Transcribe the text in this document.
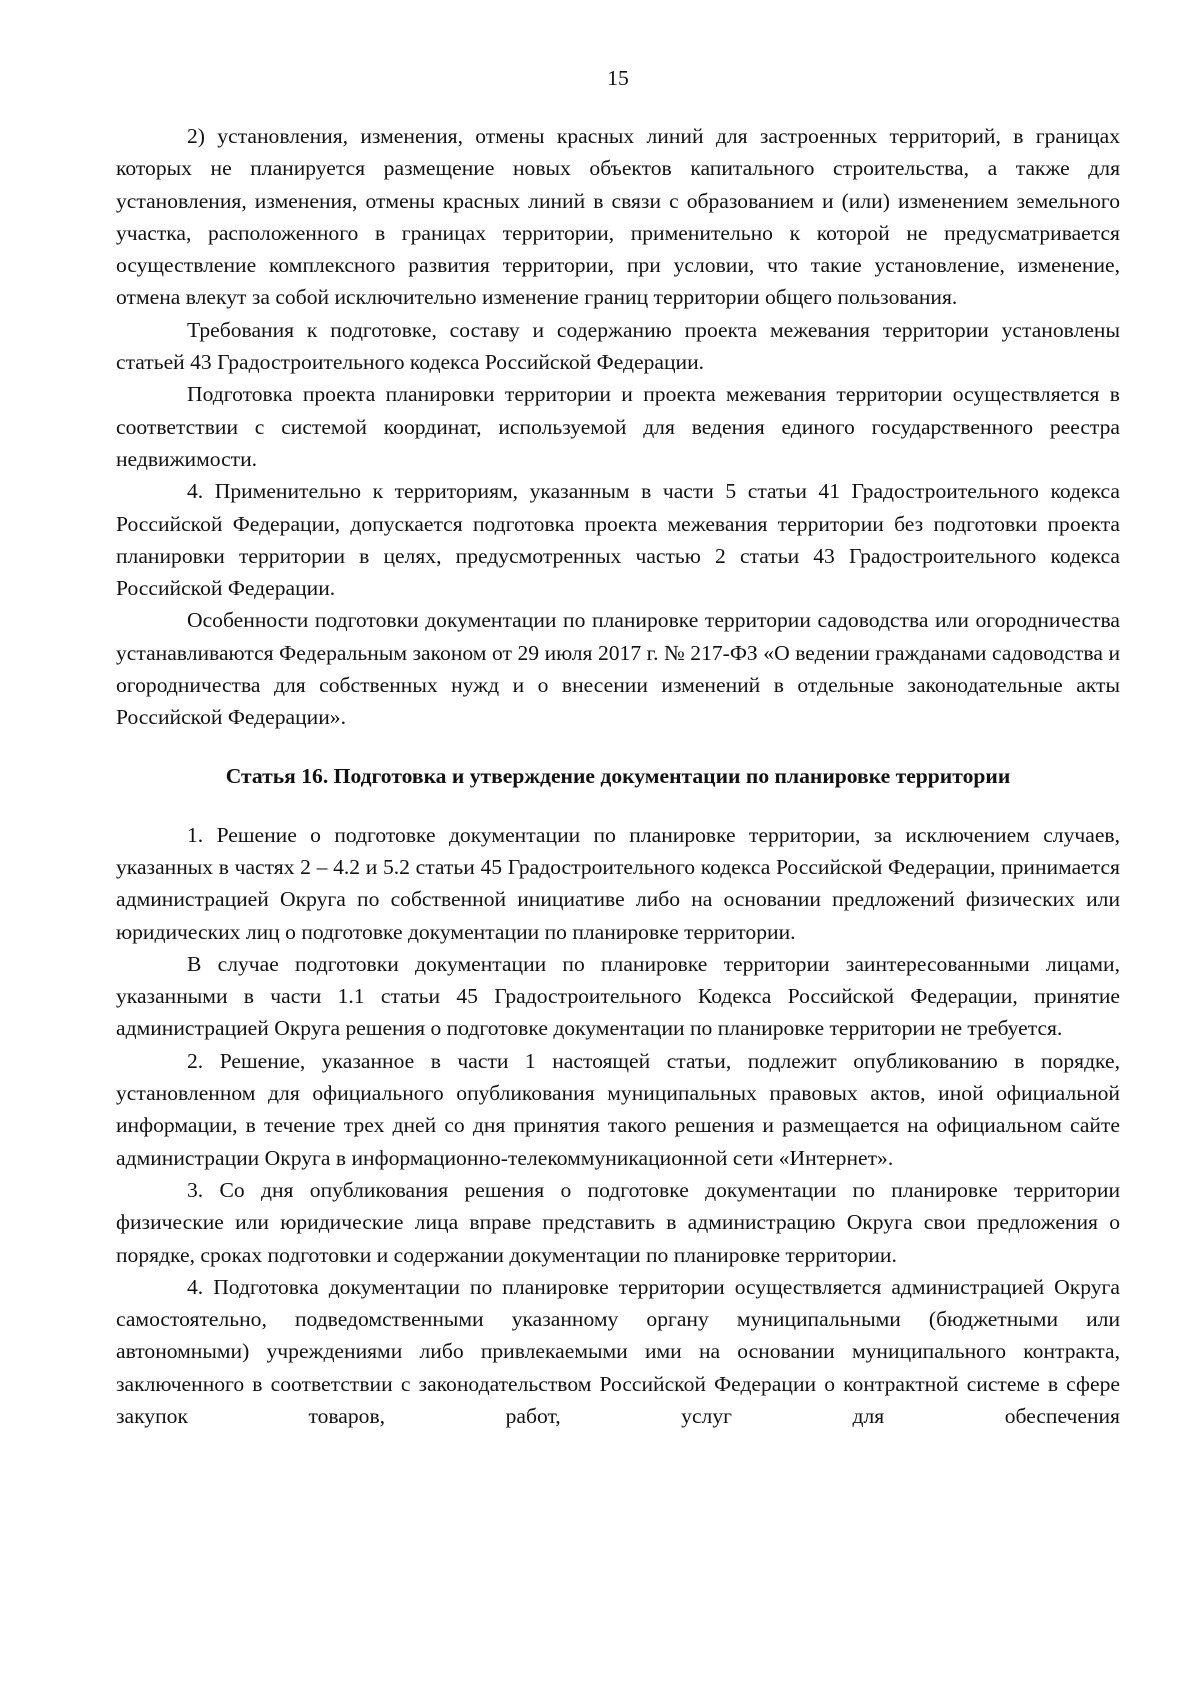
15

2) установления, изменения, отмены красных линий для застроенных территорий, в границах которых не планируется размещение новых объектов капитального строительства, а также для установления, изменения, отмены красных линий в связи с образованием и (или) изменением земельного участка, расположенного в границах территории, применительно к которой не предусматривается осуществление комплексного развития территории, при условии, что такие установление, изменение, отмена влекут за собой исключительно изменение границ территории общего пользования.

Требования к подготовке, составу и содержанию проекта межевания территории установлены статьей 43 Градостроительного кодекса Российской Федерации.

Подготовка проекта планировки территории и проекта межевания территории осуществляется в соответствии с системой координат, используемой для ведения единого государственного реестра недвижимости.

4. Применительно к территориям, указанным в части 5 статьи 41 Градостроительного кодекса Российской Федерации, допускается подготовка проекта межевания территории без подготовки проекта планировки территории в целях, предусмотренных частью 2 статьи 43 Градостроительного кодекса Российской Федерации.

Особенности подготовки документации по планировке территории садоводства или огородничества устанавливаются Федеральным законом от 29 июля 2017 г. № 217-ФЗ «О ведении гражданами садоводства и огородничества для собственных нужд и о внесении изменений в отдельные законодательные акты Российской Федерации».

Статья 16. Подготовка и утверждение документации по планировке территории

1. Решение о подготовке документации по планировке территории, за исключением случаев, указанных в частях 2 – 4.2 и 5.2 статьи 45 Градостроительного кодекса Российской Федерации, принимается администрацией Округа по собственной инициативе либо на основании предложений физических или юридических лиц о подготовке документации по планировке территории.

В случае подготовки документации по планировке территории заинтересованными лицами, указанными в части 1.1 статьи 45 Градостроительного Кодекса Российской Федерации, принятие администрацией Округа решения о подготовке документации по планировке территории не требуется.

2. Решение, указанное в части 1 настоящей статьи, подлежит опубликованию в порядке, установленном для официального опубликования муниципальных правовых актов, иной официальной информации, в течение трех дней со дня принятия такого решения и размещается на официальном сайте администрации Округа в информационно-телекоммуникационной сети «Интернет».

3. Со дня опубликования решения о подготовке документации по планировке территории физические или юридические лица вправе представить в администрацию Округа свои предложения о порядке, сроках подготовки и содержании документации по планировке территории.

4. Подготовка документации по планировке территории осуществляется администрацией Округа самостоятельно, подведомственными указанному органу муниципальными (бюджетными или автономными) учреждениями либо привлекаемыми ими на основании муниципального контракта, заключенного в соответствии с законодательством Российской Федерации о контрактной системе в сфере закупок товаров, работ, услуг для обеспечения
